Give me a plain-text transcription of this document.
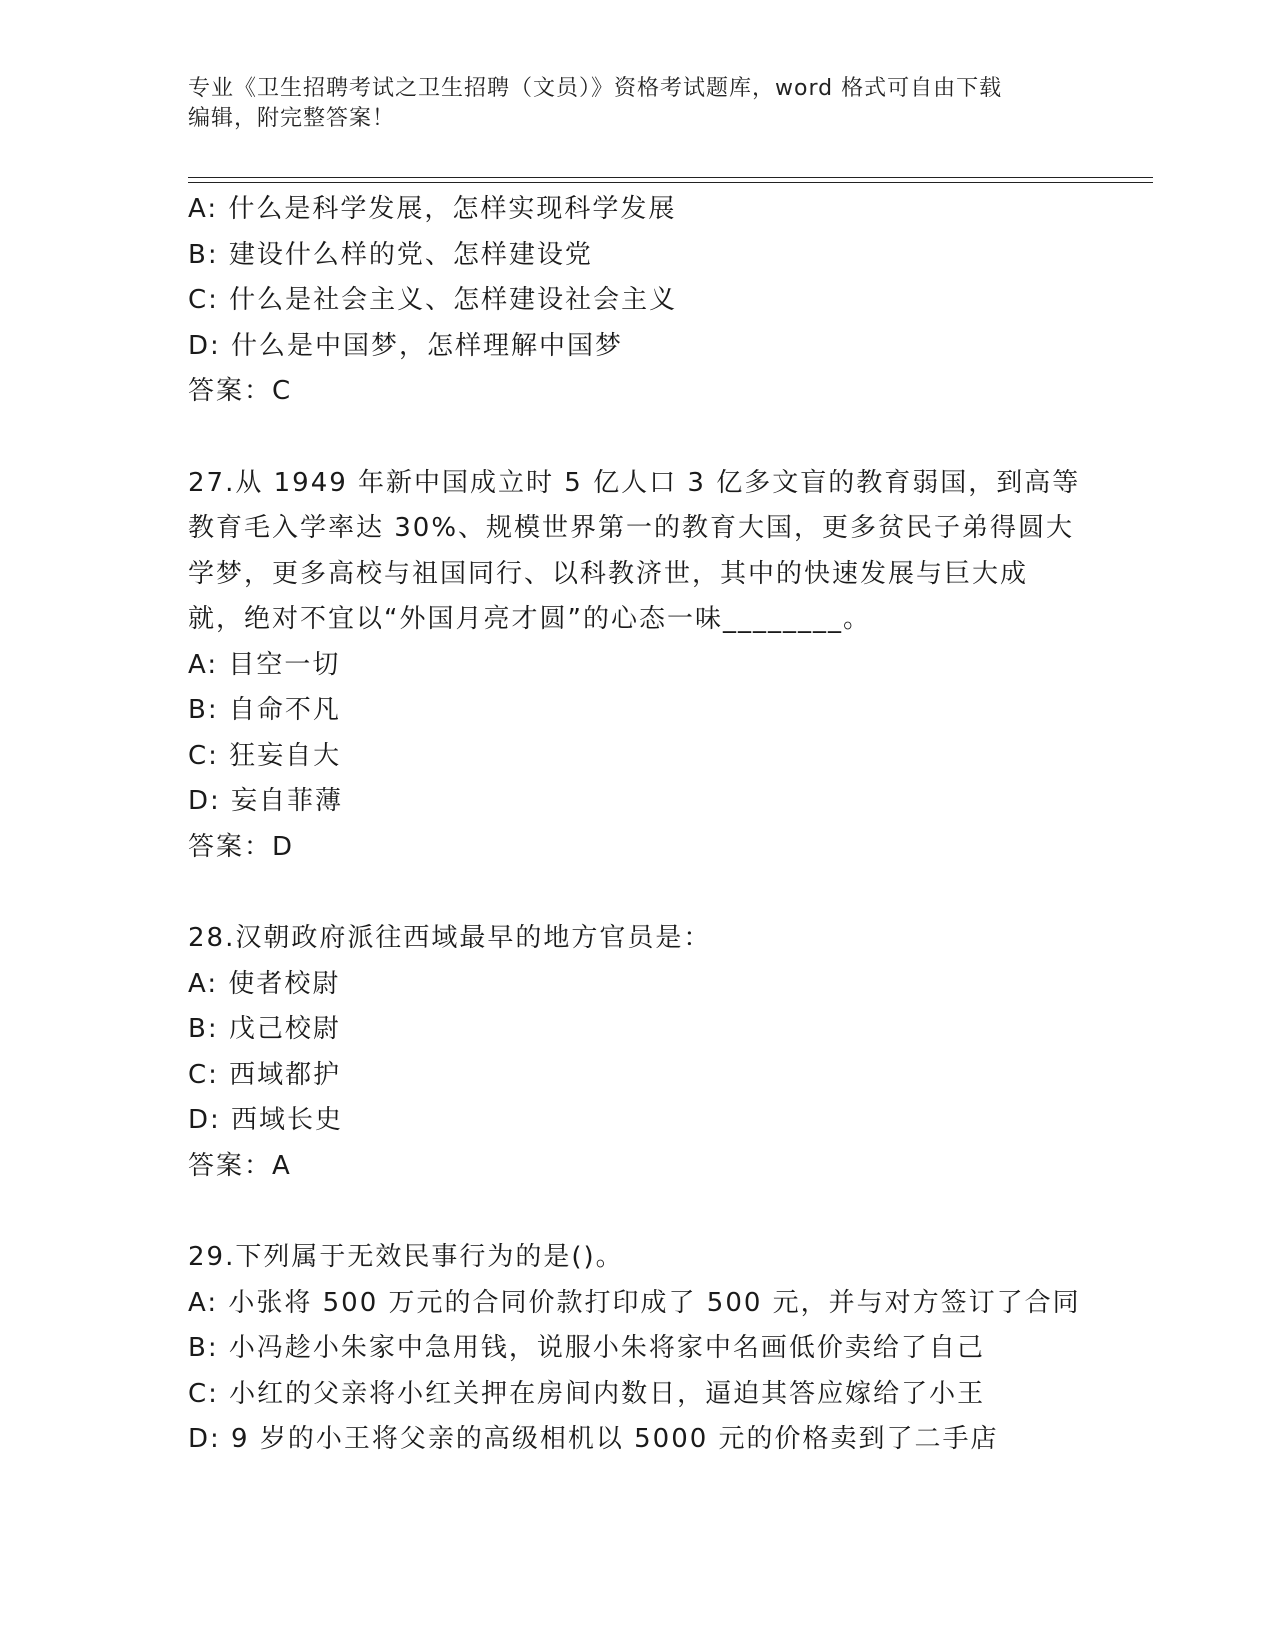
专业《卫生招聘考试之卫生招聘（文员）》资格考试题库，word 格式可自由下载
编辑，附完整答案！
A: 什么是科学发展，怎样实现科学发展
B: 建设什么样的党、怎样建设党
C: 什么是社会主义、怎样建设社会主义
D: 什么是中国梦，怎样理解中国梦
答案：C
27.从 1949 年新中国成立时 5 亿人口 3 亿多文盲的教育弱国，到高等
教育毛入学率达 30%、规模世界第一的教育大国，更多贫民子弟得圆大
学梦，更多高校与祖国同行、以科教济世，其中的快速发展与巨大成
就，绝对不宜以“外国月亮才圆”的心态一味________。
A: 目空一切
B: 自命不凡
C: 狂妄自大
D: 妄自菲薄
答案：D
28.汉朝政府派往西域最早的地方官员是：
A: 使者校尉
B: 戊己校尉
C: 西域都护
D: 西域长史
答案：A
29.下列属于无效民事行为的是()。
A: 小张将 500 万元的合同价款打印成了 500 元，并与对方签订了合同
B: 小冯趁小朱家中急用钱，说服小朱将家中名画低价卖给了自己
C: 小红的父亲将小红关押在房间内数日，逼迫其答应嫁给了小王
D: 9 岁的小王将父亲的高级相机以 5000 元的价格卖到了二手店
